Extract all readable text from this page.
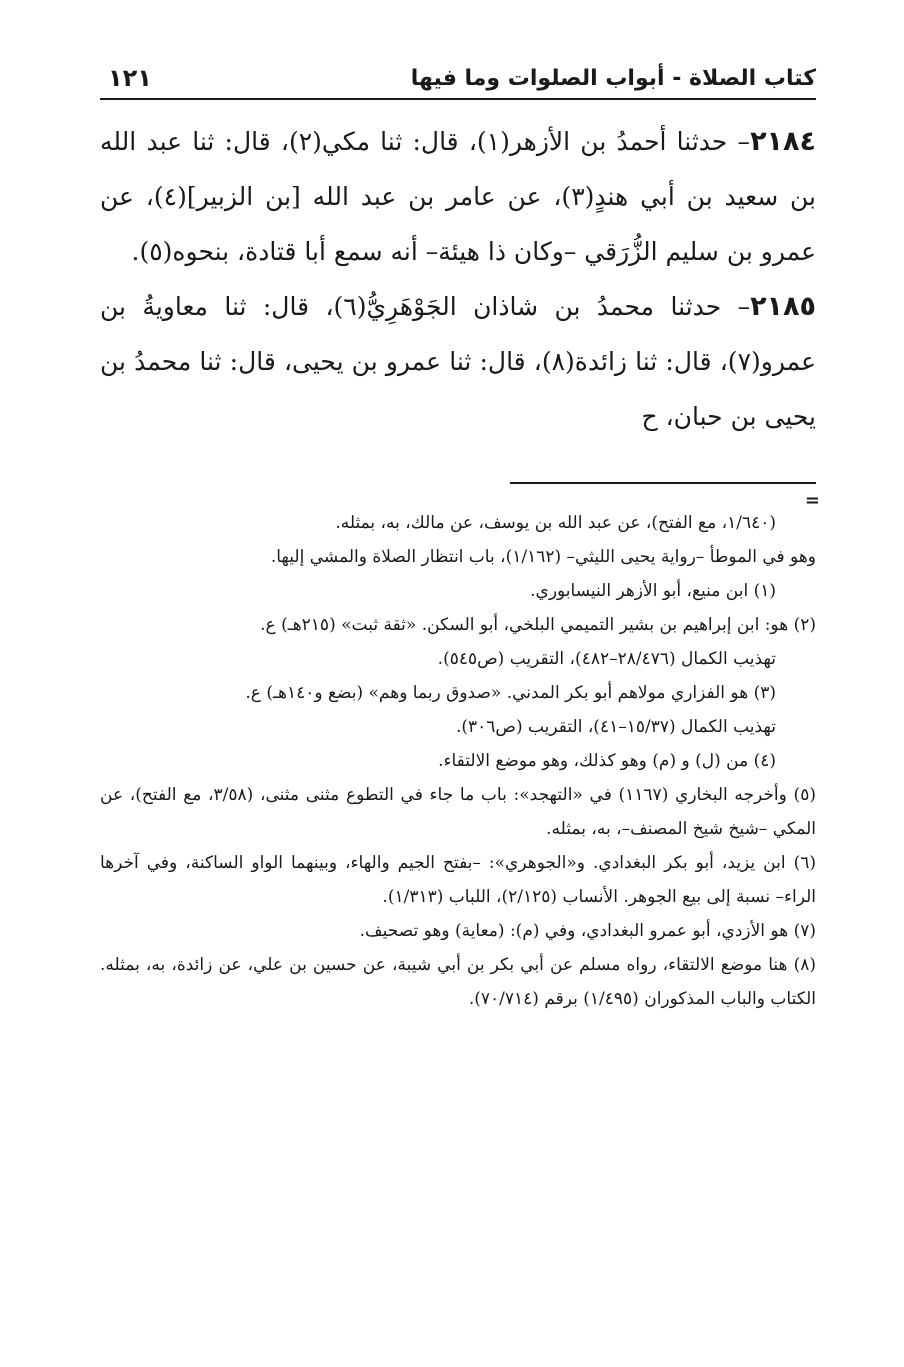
كتاب الصلاة - أبواب الصلوات وما فيها
١٢١

٢١٨٤– حدثنا أحمدُ بن الأزهر(١)، قال: ثنا مكي(٢)، قال: ثنا عبد الله بن سعيد بن أبي هندٍ(٣)، عن عامر بن عبد الله [بن الزبير](٤)، عن عمرو بن سليم الزُّرَقي –وكان ذا هيئة– أنه سمع أبا قتادة، بنحوه(٥).

٢١٨٥– حدثنا محمدُ بن شاذان الجَوْهَرِيُّ(٦)، قال: ثنا معاويةُ بن عمرو(٧)، قال: ثنا زائدة(٨)، قال: ثنا عمرو بن يحيى، قال: ثنا محمدُ بن يحيى بن حبان، ح

=

(١/٦٤٠، مع الفتح)، عن عبد الله بن يوسف، عن مالك، به، بمثله.

وهو في الموطأ –رواية يحيى الليثي– (١/١٦٢)، باب انتظار الصلاة والمشي إليها.

(١) ابن منيع، أبو الأزهر النيسابوري.

(٢) هو: ابن إبراهيم بن بشير التميمي البلخي، أبو السكن. «ثقة ثبت» (٢١٥هـ) ع.

تهذيب الكمال (٢٨/٤٧٦–٤٨٢)، التقريب (ص٥٤٥).

(٣) هو الفزاري مولاهم أبو بكر المدني. «صدوق ربما وهم» (بضع و١٤٠هـ) ع.

تهذيب الكمال (١٥/٣٧–٤١)، التقريب (ص٣٠٦).

(٤) من (ل) و (م) وهو كذلك، وهو موضع الالتقاء.

(٥) وأخرجه البخاري (١١٦٧) في «التهجد»: باب ما جاء في التطوع مثنى مثنى، (٣/٥٨، مع الفتح)، عن المكي –شيخ شيخ المصنف–، به، بمثله.

(٦) ابن يزيد، أبو بكر البغدادي. و«الجوهري»: –بفتح الجيم والهاء، وبينهما الواو الساكنة، وفي آخرها الراء– نسبة إلى بيع الجوهر. الأنساب (٢/١٢٥)، اللباب (١/٣١٣).

(٧) هو الأزدي، أبو عمرو البغدادي، وفي (م): (معاية) وهو تصحيف.

(٨) هنا موضع الالتقاء، رواه مسلم عن أبي بكر بن أبي شيبة، عن حسين بن علي، عن زائدة، به، بمثله. الكتاب والباب المذكوران (١/٤٩٥) برقم (٧٠/٧١٤).
